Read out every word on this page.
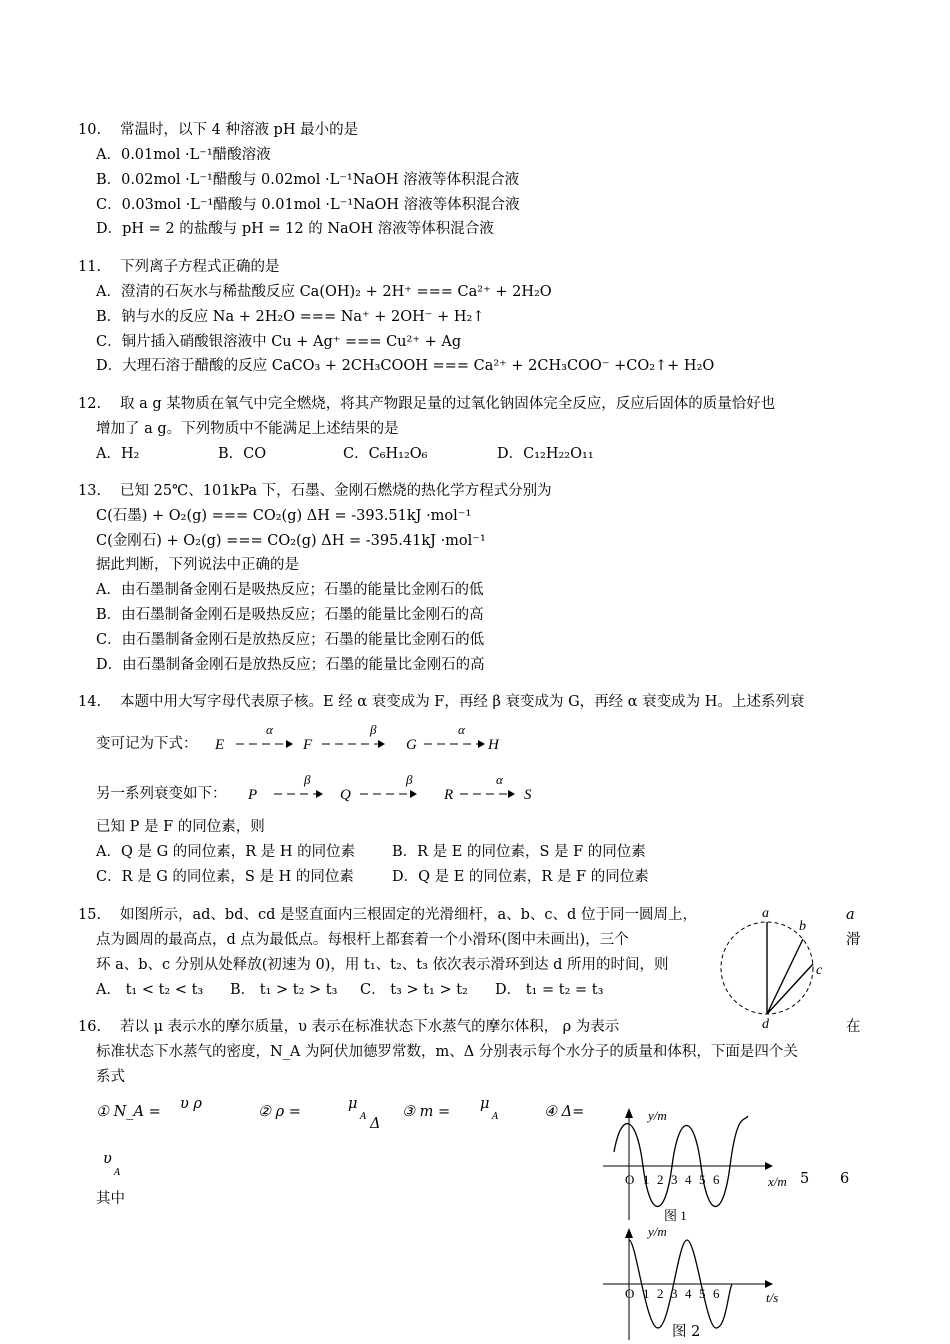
10. 常温时，以下 4 种溶液 pH 最小的是
A．0.01mol ·L⁻¹醋酸溶液
B．0.02mol ·L⁻¹醋酸与 0.02mol ·L⁻¹NaOH 溶液等体积混合液
C．0.03mol ·L⁻¹醋酸与 0.01mol ·L⁻¹NaOH 溶液等体积混合液
D．pH = 2 的盐酸与 pH = 12 的 NaOH 溶液等体积混合液
11. 下列离子方程式正确的是
A．澄清的石灰水与稀盐酸反应 Ca(OH)₂ + 2H⁺ === Ca²⁺ + 2H₂O
B．钠与水的反应 Na + 2H₂O === Na⁺ + 2OH⁻ + H₂↑
C．铜片插入硝酸银溶液中 Cu + Ag⁺ === Cu²⁺ + Ag
D．大理石溶于醋酸的反应 CaCO₃ + 2CH₃COOH === Ca²⁺ + 2CH₃COO⁻ +CO₂↑+ H₂O
12. 取 a g 某物质在氧气中完全燃烧，将其产物跟足量的过氧化钠固体完全反应，反应后固体的质量恰好也
增加了 a g。下列物质中不能满足上述结果的是
A．H₂	B．CO	C．C₆H₁₂O₆	D．C₁₂H₂₂O₁₁
13. 已知 25℃、101kPa 下，石墨、金刚石燃烧的热化学方程式分别为
C(石墨) + O₂(g) === CO₂(g) ΔH = -393.51kJ ·mol⁻¹
C(金刚石) + O₂(g) === CO₂(g) ΔH = -395.41kJ ·mol⁻¹
据此判断，下列说法中正确的是
A．由石墨制备金刚石是吸热反应；石墨的能量比金刚石的低
B．由石墨制备金刚石是吸热反应；石墨的能量比金刚石的高
C．由石墨制备金刚石是放热反应；石墨的能量比金刚石的低
D．由石墨制备金刚石是放热反应；石墨的能量比金刚石的高
14. 本题中用大写字母代表原子核。E 经 α 衰变成为 F，再经 β 衰变成为 G，再经 α 衰变成为 H。上述系列衰
变可记为下式： E
α
F
β
G
α
H
另一系列衰变如下： P
β
Q
β
R
α
S
已知 P 是 F 的同位素，则
A．Q 是 G 的同位素，R 是 H 的同位素	B．R 是 E 的同位素，S 是 F 的同位素
C．R 是 G 的同位素，S 是 H 的同位素	D．Q 是 E 的同位素，R 是 F 的同位素
15. 如图所示，ad、bd、cd 是竖直面内三根固定的光滑细杆，a、b、c、d 位于同一圆周上，	a
点为圆周的最高点，d 点为最低点。每根杆上都套着一个小滑环(图中未画出)，三个	滑
环 a、b、c 分别从处释放(初速为 0)，用 t₁、t₂、t₃ 依次表示滑环到达 d 所用的时间，则
A． t₁ < t₂ < t₃ B． t₁ > t₂ > t₃ C． t₃ > t₁ > t₂ D． t₁ = t₂ = t₃
a
b
c
d
16. 若以 μ 表示水的摩尔质量，υ 表示在标准状态下水蒸气的摩尔体积， ρ 为表示	在
标准状态下水蒸气的密度，N_A 为阿伏加德罗常数，m、Δ 分别表示每个水分子的质量和体积，下面是四个关
系式
① N_A = υ ρ	② ρ =	μ
A Δ
③ m = μ
A	④ Δ=
υ
A
其中
5 6
y/m
x/m
O 1 2 3 4 5 6
图 1
y/m
t/s
O 1 2 3 4 5 6
图 2
